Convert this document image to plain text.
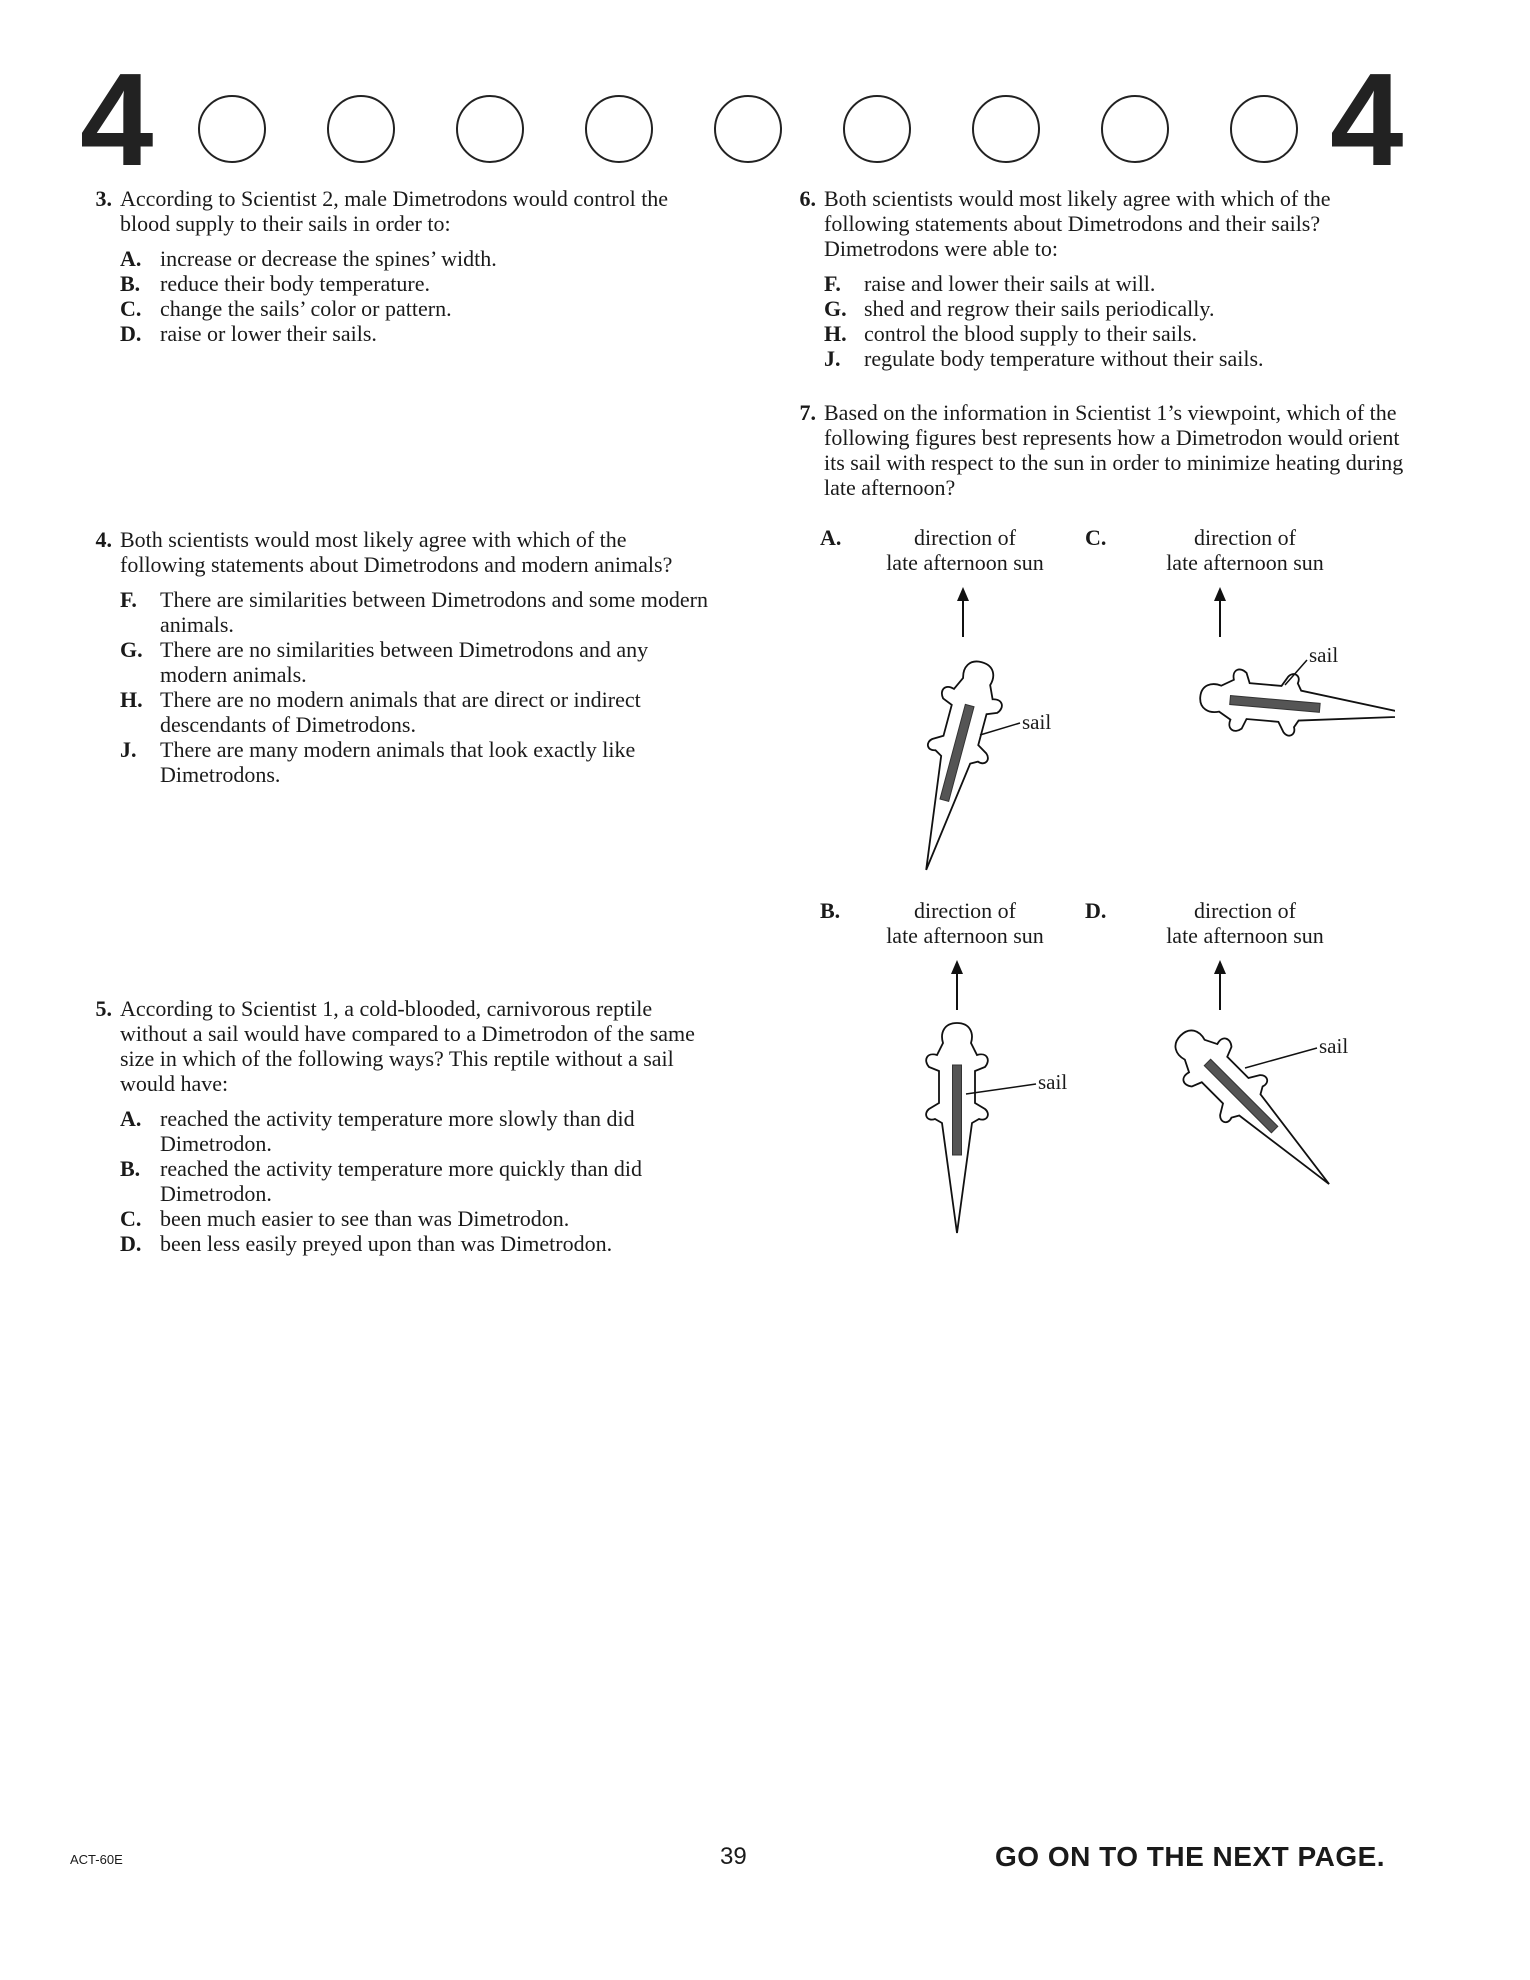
4	4
3. According to Scientist 2, male Dimetrodons would control the blood supply to their sails in order to:
A. increase or decrease the spines’ width.
B. reduce their body temperature.
C. change the sails’ color or pattern.
D. raise or lower their sails.
4. Both scientists would most likely agree with which of the following statements about Dimetrodons and modern animals?
F.	There are similarities between Dimetrodons and some modern animals.
G. There are no similarities between Dimetrodons and any modern animals.
H. There are no modern animals that are direct or indirect descendants of Dimetrodons.
J.	There are many modern animals that look exactly like Dimetrodons.
5. According to Scientist 1, a cold-blooded, carnivorous reptile without a sail would have compared to a Dimetrodon of the same size in which of the following ways? This reptile without a sail would have:
A. reached the activity temperature more slowly than did Dimetrodon.
B. reached the activity temperature more quickly than did Dimetrodon.
C. been much easier to see than was Dimetrodon.
D. been less easily preyed upon than was Dimetrodon.
6. Both scientists would most likely agree with which of the following statements about Dimetrodons and their sails? Dimetrodons were able to:
F.	raise and lower their sails at will.
G. shed and regrow their sails periodically.
H. control the blood supply to their sails.
J.	regulate body temperature without their sails.
7. Based on the information in Scientist 1’s viewpoint, which of the following figures best represents how a Dimetrodon would orient its sail with respect to the sun in order to minimize heating during late afternoon?
A.	direction of
late afternoon sun
sail
C.	direction of
late afternoon sun
sail
B.	direction of
late afternoon sun
sail
D.	direction of
late afternoon sun
sail
ACT-60E	39	GO ON TO THE NEXT PAGE.
